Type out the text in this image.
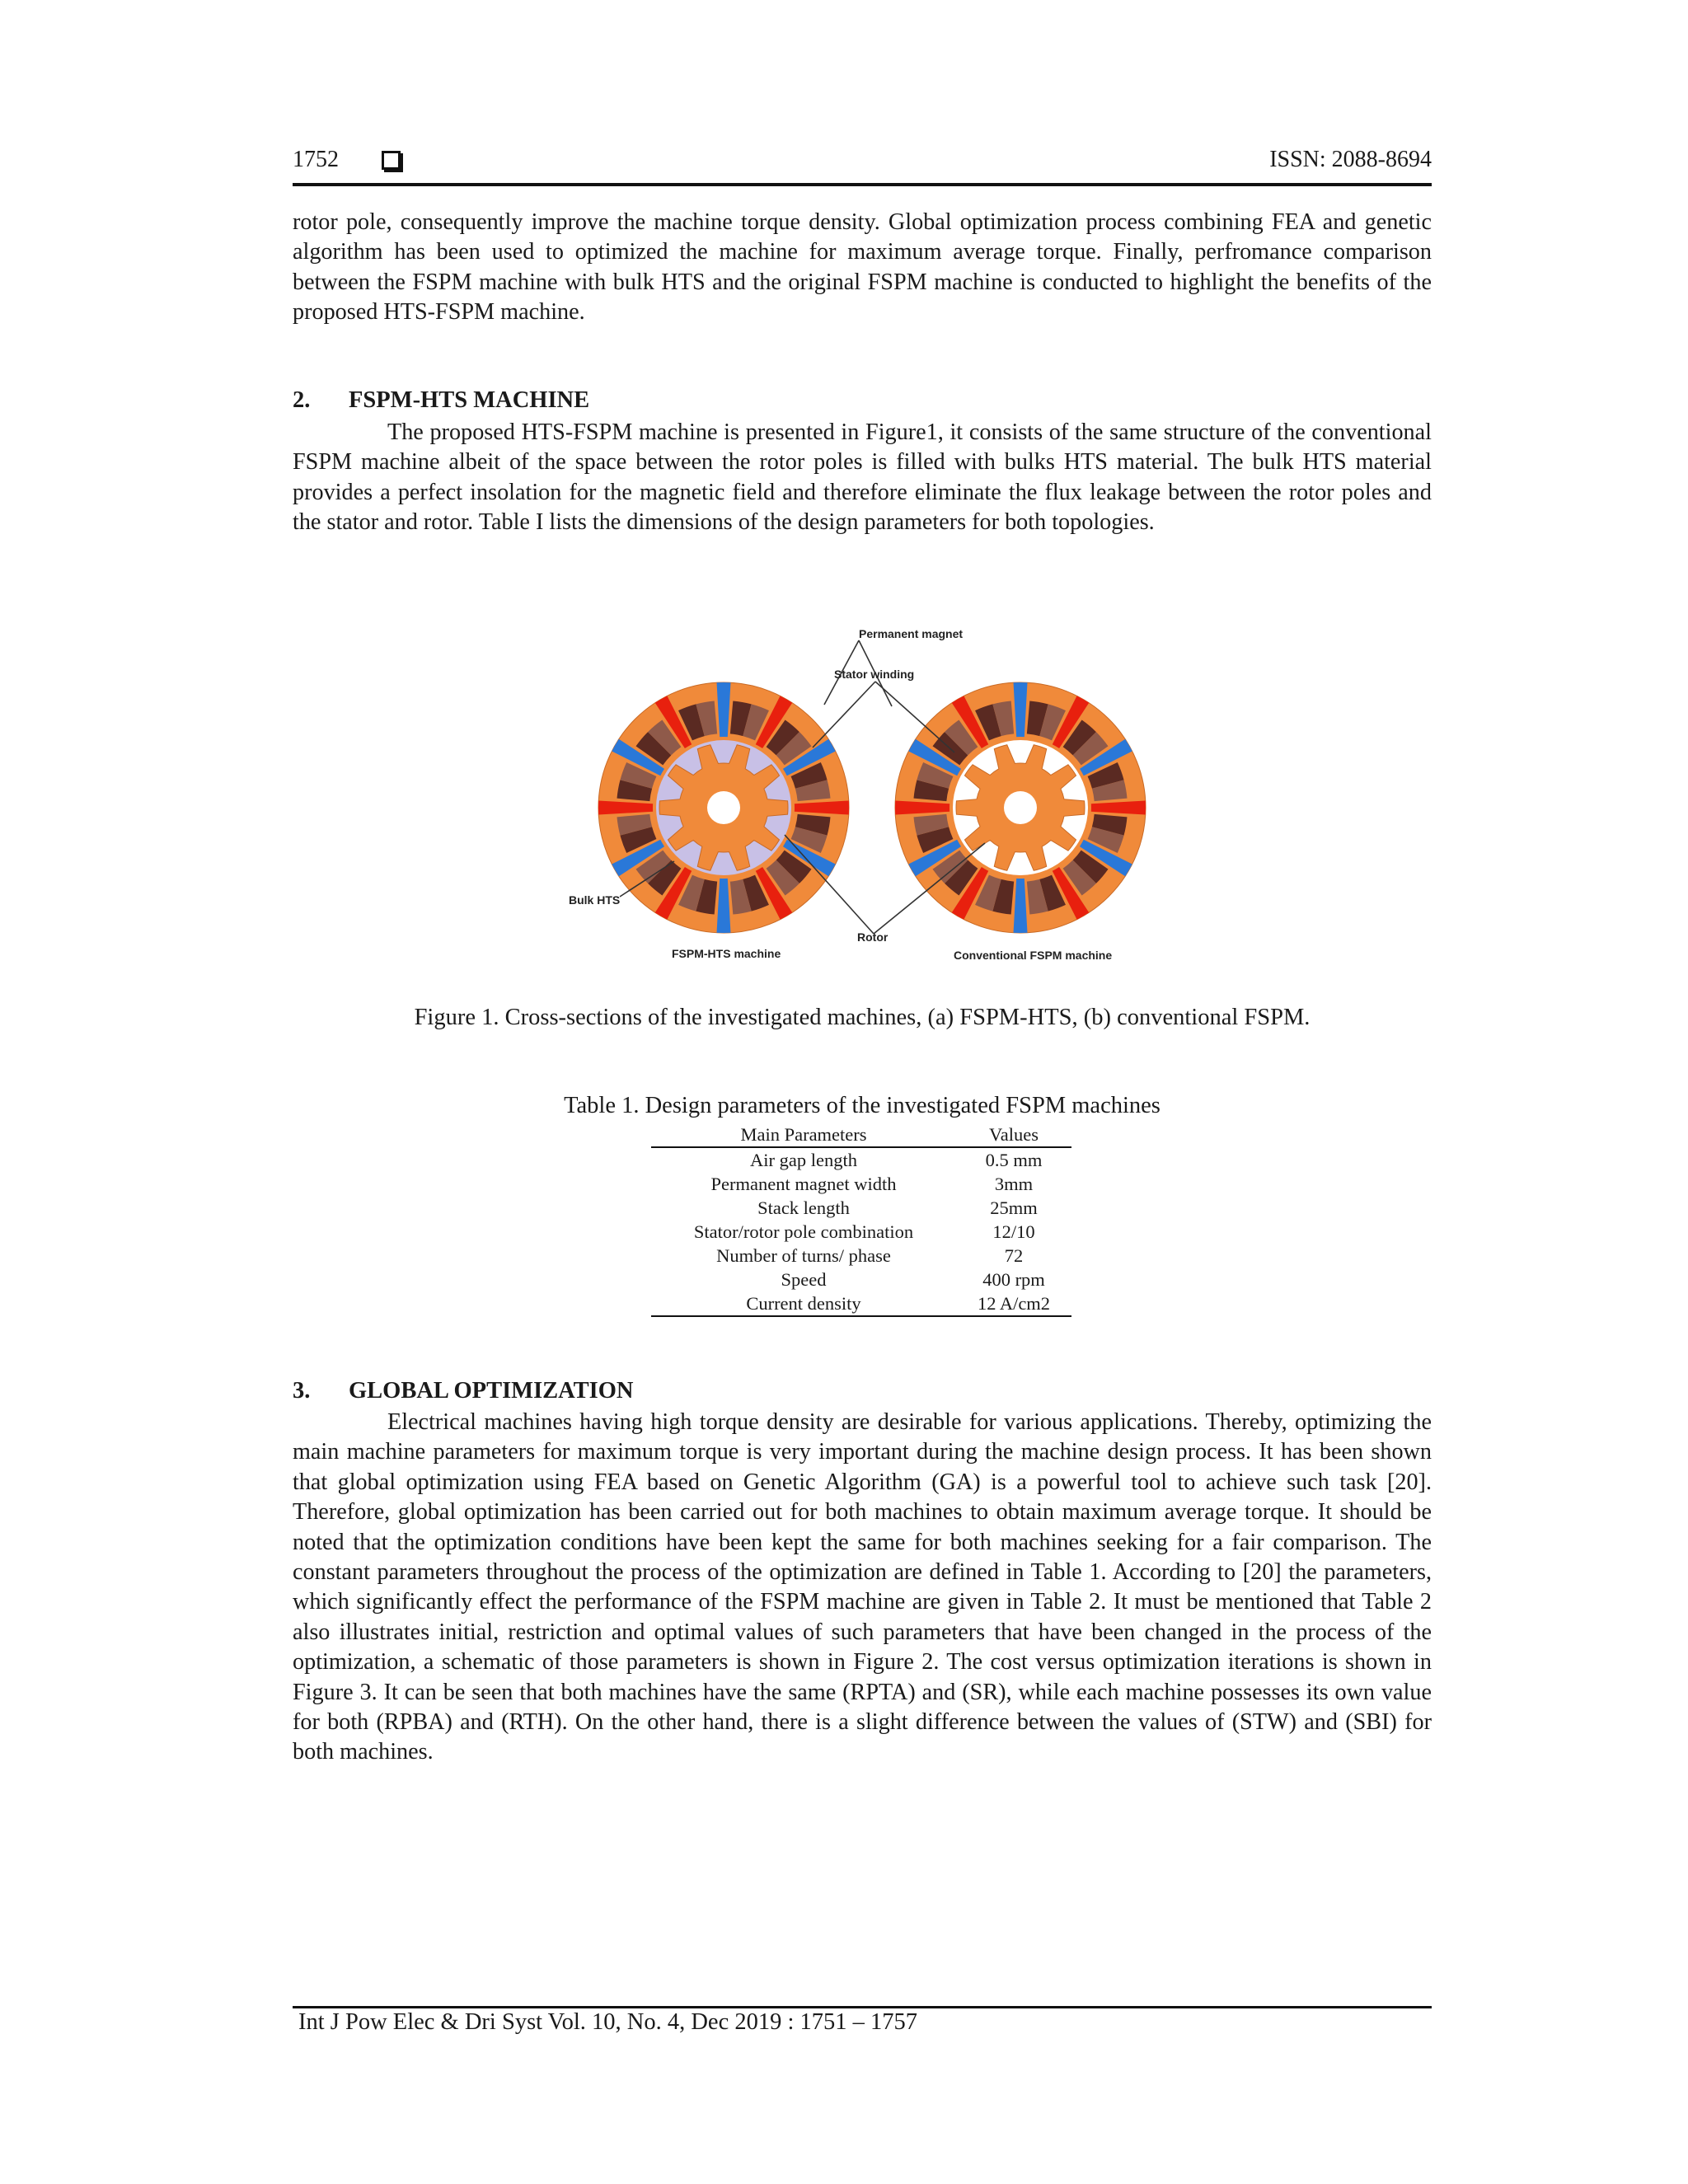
1752	ISSN: 2088-8694

rotor pole, consequently improve the machine torque density. Global optimization process combining FEA and genetic algorithm has been used to optimized the machine for maximum average torque. Finally, perfromance comparison between the FSPM machine with bulk HTS and the original FSPM machine is conducted to highlight the benefits of the proposed HTS-FSPM machine.

2. FSPM-HTS MACHINE

The proposed HTS-FSPM machine is presented in Figure1, it consists of the same structure of the conventional FSPM machine albeit of the space between the rotor poles is filled with bulks HTS material. The bulk HTS material provides a perfect insolation for the magnetic field and therefore eliminate the flux leakage between the rotor poles and the stator and rotor. Table I lists the dimensions of the design parameters for both topologies.

Permanent magnet
Stator winding
Bulk HTS
Rotor
FSPM-HTS machine	Conventional FSPM machine

Figure 1. Cross-sections of the investigated machines, (a) FSPM-HTS, (b) conventional FSPM.

Table 1. Design parameters of the investigated FSPM machines

Main Parameters	Values
Air gap length	0.5 mm
Permanent magnet width	3mm
Stack length	25mm
Stator/rotor pole combination	12/10
Number of turns/ phase	72
Speed	400 rpm
Current density	12 A/cm2
3. GLOBAL OPTIMIZATION

Electrical machines having high torque density are desirable for various applications. Thereby, optimizing the main machine parameters for maximum torque is very important during the machine design process. It has been shown that global optimization using FEA based on Genetic Algorithm (GA) is a powerful tool to achieve such task [20]. Therefore, global optimization has been carried out for both machines to obtain maximum average torque. It should be noted that the optimization conditions have been kept the same for both machines seeking for a fair comparison. The constant parameters throughout the process of the optimization are defined in Table 1. According to [20] the parameters, which significantly effect the performance of the FSPM machine are given in Table 2. It must be mentioned that Table 2 also illustrates initial, restriction and optimal values of such parameters that have been changed in the process of the optimization, a schematic of those parameters is shown in Figure 2. The cost versus optimization iterations is shown in Figure 3. It can be seen that both machines have the same (RPTA) and (SR), while each machine possesses its own value for both (RPBA) and (RTH). On the other hand, there is a slight difference between the values of (STW) and (SBI) for both machines.

Int J Pow Elec & Dri Syst Vol. 10, No. 4, Dec 2019 : 1751 – 1757
